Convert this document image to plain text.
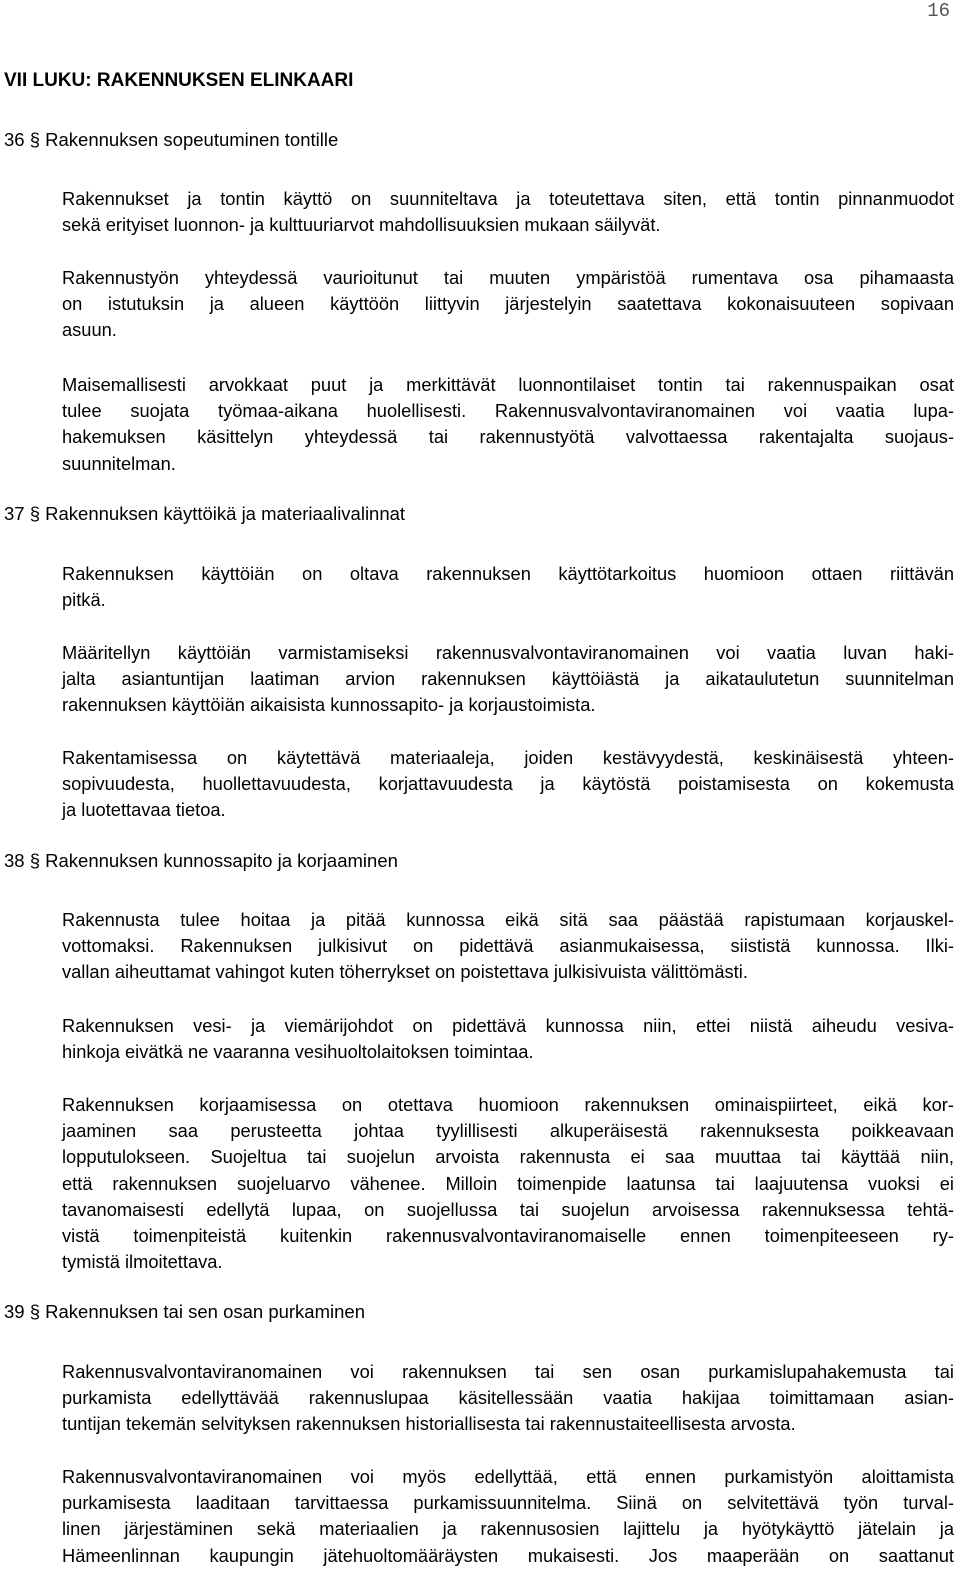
16
VII LUKU: RAKENNUKSEN ELINKAARI
36 § Rakennuksen sopeutuminen tontille
Rakennukset ja tontin käyttö on suunniteltava ja toteutettava siten, että tontin pinnanmuodot
sekä erityiset luonnon- ja kulttuuriarvot mahdollisuuksien mukaan säilyvät.
Rakennustyön yhteydessä vaurioitunut tai muuten ympäristöä rumentava osa pihamaasta
on istutuksin ja alueen käyttöön liittyvin järjestelyin saatettava kokonaisuuteen sopivaan
asuun.
Maisemallisesti arvokkaat puut ja merkittävät luonnontilaiset tontin tai rakennuspaikan osat
tulee suojata työmaa-aikana huolellisesti. Rakennusvalvontaviranomainen voi vaatia lupa-
hakemuksen käsittelyn yhteydessä tai rakennustyötä valvottaessa rakentajalta suojaus-
suunnitelman.
37 § Rakennuksen käyttöikä ja materiaalivalinnat
Rakennuksen käyttöiän on oltava rakennuksen käyttötarkoitus huomioon ottaen riittävän
pitkä.
Määritellyn käyttöiän varmistamiseksi rakennusvalvontaviranomainen voi vaatia luvan haki-
jalta asiantuntijan laatiman arvion rakennuksen käyttöiästä ja aikataulutetun suunnitelman
rakennuksen käyttöiän aikaisista kunnossapito- ja korjaustoimista.
Rakentamisessa on käytettävä materiaaleja, joiden kestävyydestä, keskinäisestä yhteen-
sopivuudesta, huollettavuudesta, korjattavuudesta ja käytöstä poistamisesta on kokemusta
ja luotettavaa tietoa.
38 § Rakennuksen kunnossapito ja korjaaminen
Rakennusta tulee hoitaa ja pitää kunnossa eikä sitä saa päästää rapistumaan korjauskel-
vottomaksi. Rakennuksen julkisivut on pidettävä asianmukaisessa, siististä kunnossa. Ilki-
vallan aiheuttamat vahingot kuten töherrykset on poistettava julkisivuista välittömästi.
Rakennuksen vesi- ja viemärijohdot on pidettävä kunnossa niin, ettei niistä aiheudu vesiva-
hinkoja eivätkä ne vaaranna vesihuoltolaitoksen toimintaa.
Rakennuksen korjaamisessa on otettava huomioon rakennuksen ominaispiirteet, eikä kor-
jaaminen saa perusteetta johtaa tyylillisesti alkuperäisestä rakennuksesta poikkeavaan
lopputulokseen. Suojeltua tai suojelun arvoista rakennusta ei saa muuttaa tai käyttää niin,
että rakennuksen suojeluarvo vähenee. Milloin toimenpide laatunsa tai laajuutensa vuoksi ei
tavanomaisesti edellytä lupaa, on suojellussa tai suojelun arvoisessa rakennuksessa tehtä-
vistä toimenpiteistä kuitenkin rakennusvalvontaviranomaiselle ennen toimenpiteeseen ry-
tymistä ilmoitettava.
39 § Rakennuksen tai sen osan purkaminen
Rakennusvalvontaviranomainen voi rakennuksen tai sen osan purkamislupahakemusta tai
purkamista edellyttävää rakennuslupaa käsitellessään vaatia hakijaa toimittamaan asian-
tuntijan tekemän selvityksen rakennuksen historiallisesta tai rakennustaiteellisesta arvosta.
Rakennusvalvontaviranomainen voi myös edellyttää, että ennen purkamistyön aloittamista
purkamisesta laaditaan tarvittaessa purkamissuunnitelma. Siinä on selvitettävä työn turval-
linen järjestäminen sekä materiaalien ja rakennusosien lajittelu ja hyötykäyttö jätelain ja
Hämeenlinnan kaupungin jätehuoltomääräysten mukaisesti. Jos maaperään on saattanut
